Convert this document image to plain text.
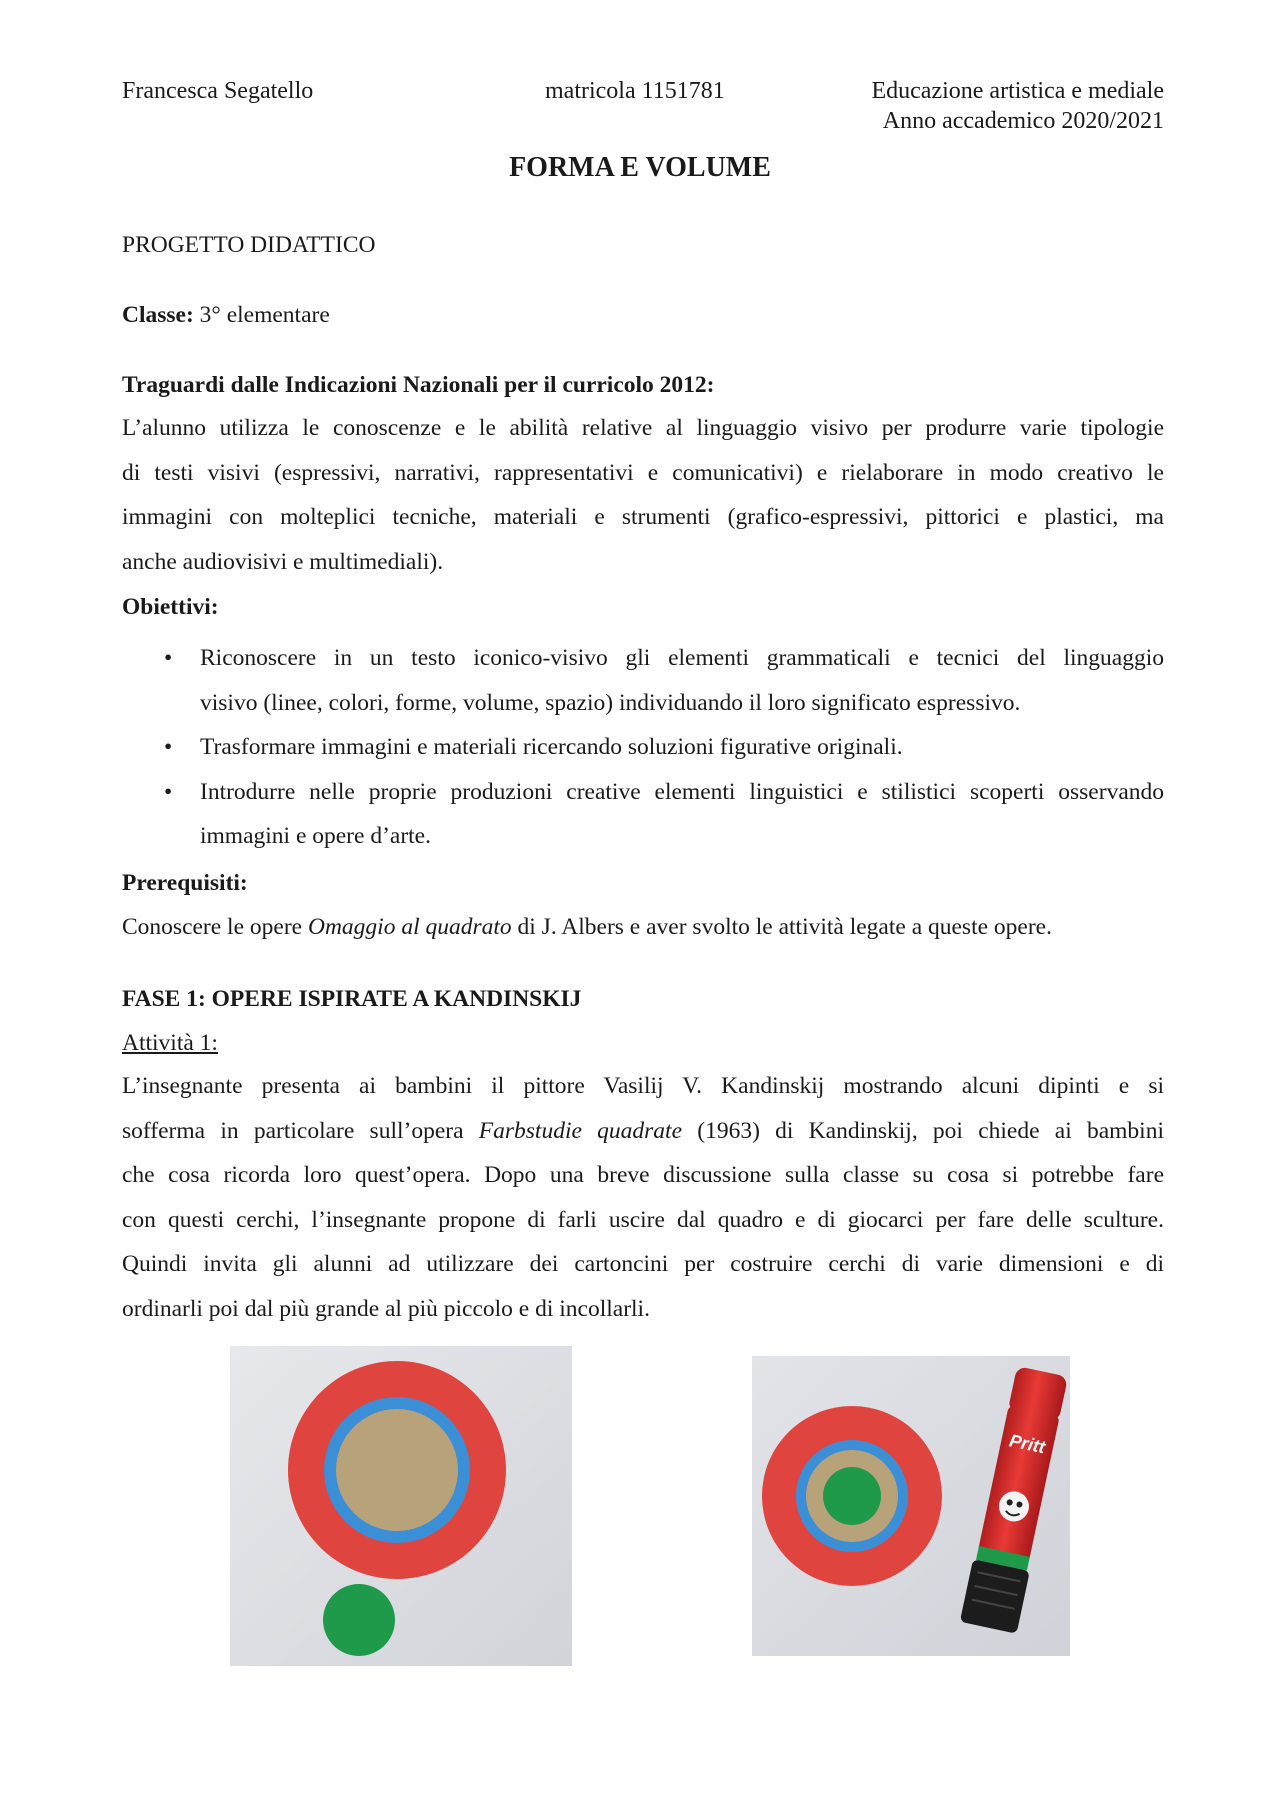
Francesca Segatello	matricola 1151781	Educazione artistica e mediale
Anno accademico 2020/2021
FORMA E VOLUME
PROGETTO DIDATTICO
Classe: 3° elementare
Traguardi dalle Indicazioni Nazionali per il curricolo 2012:
L’alunno utilizza le conoscenze e le abilità relative al linguaggio visivo per produrre varie tipologie
di testi visivi (espressivi, narrativi, rappresentativi e comunicativi) e rielaborare in modo creativo le
immagini con molteplici tecniche, materiali e strumenti (grafico-espressivi, pittorici e plastici, ma
anche audiovisivi e multimediali).
Obiettivi:
• Riconoscere in un testo iconico-visivo gli elementi grammaticali e tecnici del linguaggio
visivo (linee, colori, forme, volume, spazio) individuando il loro significato espressivo.
• Trasformare immagini e materiali ricercando soluzioni figurative originali.
• Introdurre nelle proprie produzioni creative elementi linguistici e stilistici scoperti osservando
immagini e opere d’arte.
Prerequisiti:
Conoscere le opere Omaggio al quadrato di J. Albers e aver svolto le attività legate a queste opere.
FASE 1: OPERE ISPIRATE A KANDINSKIJ
Attività 1:
L’insegnante presenta ai bambini il pittore Vasilij V. Kandinskij mostrando alcuni dipinti e si
sofferma in particolare sull’opera Farbstudie quadrate (1963) di Kandinskij, poi chiede ai bambini
che cosa ricorda loro quest’opera. Dopo una breve discussione sulla classe su cosa si potrebbe fare
con questi cerchi, l’insegnante propone di farli uscire dal quadro e di giocarci per fare delle sculture.
Quindi invita gli alunni ad utilizzare dei cartoncini per costruire cerchi di varie dimensioni e di
ordinarli poi dal più grande al più piccolo e di incollarli.
Pritt
